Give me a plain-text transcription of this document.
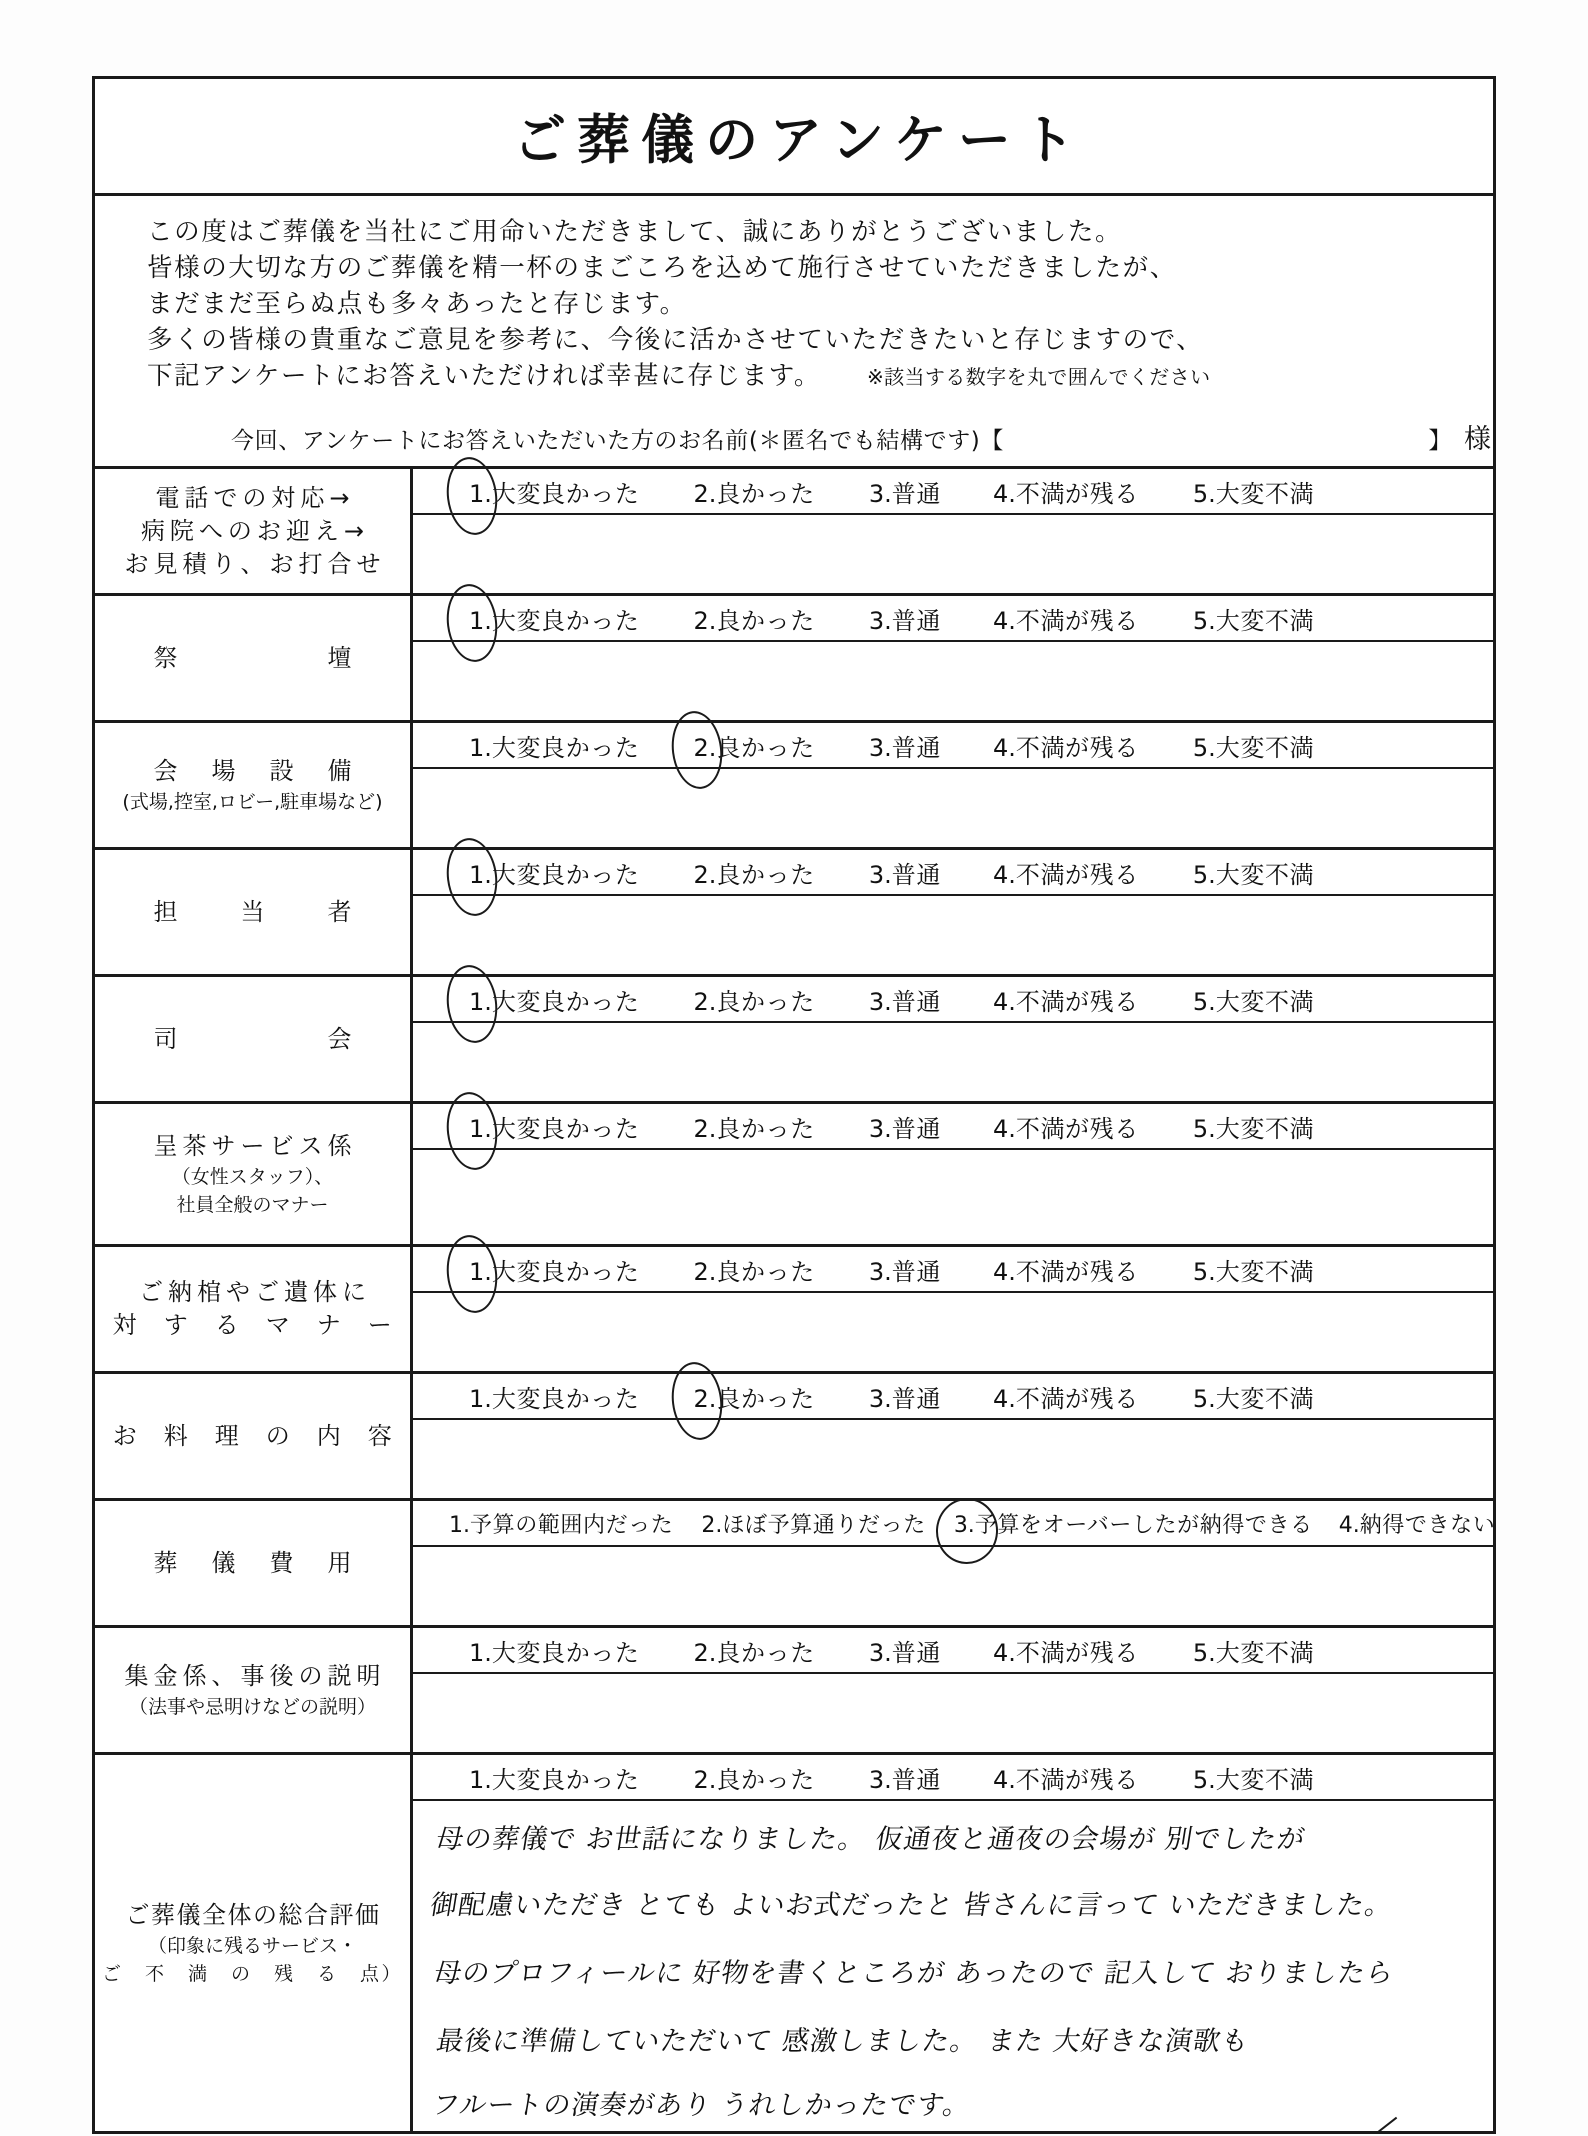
ご葬儀のアンケート
この度はご葬儀を当社にご用命いただきまして、誠にありがとうございました。
皆様の大切な方のご葬儀を精一杯のまごころを込めて施行させていただきましたが、
まだまだ至らぬ点も多々あったと存じます。
多くの皆様の貴重なご意見を参考に、今後に活かさせていただきたいと存じますので、
下記アンケートにお答えいただければ幸甚に存じます。 ※該当する数字を丸で囲んでください
今回、アンケートにお答えいただいた方のお名前(＊匿名でも結構です)【	】 様
電話での対応→
病院へのお迎え→
お見積り、お打合せ
1.大変良かった 2.良かった 3.普通 4.不満が残る 5.大変不満
祭　　　　　壇
1.大変良かった 2.良かった 3.普通 4.不満が残る 5.大変不満
会　場　設　備
(式場,控室,ロビー,駐車場など)
1.大変良かった 2.良かった 3.普通 4.不満が残る 5.大変不満
担　　当　　者
1.大変良かった 2.良かった 3.普通 4.不満が残る 5.大変不満
司　　　　　会
1.大変良かった 2.良かった 3.普通 4.不満が残る 5.大変不満
呈茶サービス係
（女性スタッフ）、
社員全般のマナー
1.大変良かった 2.良かった 3.普通 4.不満が残る 5.大変不満
ご納棺やご遺体に
対　す　る　マ　ナ　ー
1.大変良かった 2.良かった 3.普通 4.不満が残る 5.大変不満
お　料　理　の　内　容
1.大変良かった 2.良かった 3.普通 4.不満が残る 5.大変不満
葬　儀　費　用
1.予算の範囲内だった 2.ほぼ予算通りだった 3.予算をオーバーしたが納得できる 4.納得できない
集金係、事後の説明
（法事や忌明けなどの説明）
1.大変良かった 2.良かった 3.普通 4.不満が残る 5.大変不満
ご葬儀全体の総合評価
（印象に残るサービス・
ご　不　満　の　残　る　点）
1.大変良かった 2.良かった 3.普通 4.不満が残る 5.大変不満
母の葬儀で お世話になりました。 仮通夜と通夜の会場が 別でしたが
御配慮いただき とても よいお式だったと 皆さんに言って いただきました。
母のプロフィールに 好物を書くところが あったので 記入して おりましたら
最後に準備していただいて 感激しました。 また 大好きな演歌も
フルートの演奏があり うれしかったです。
